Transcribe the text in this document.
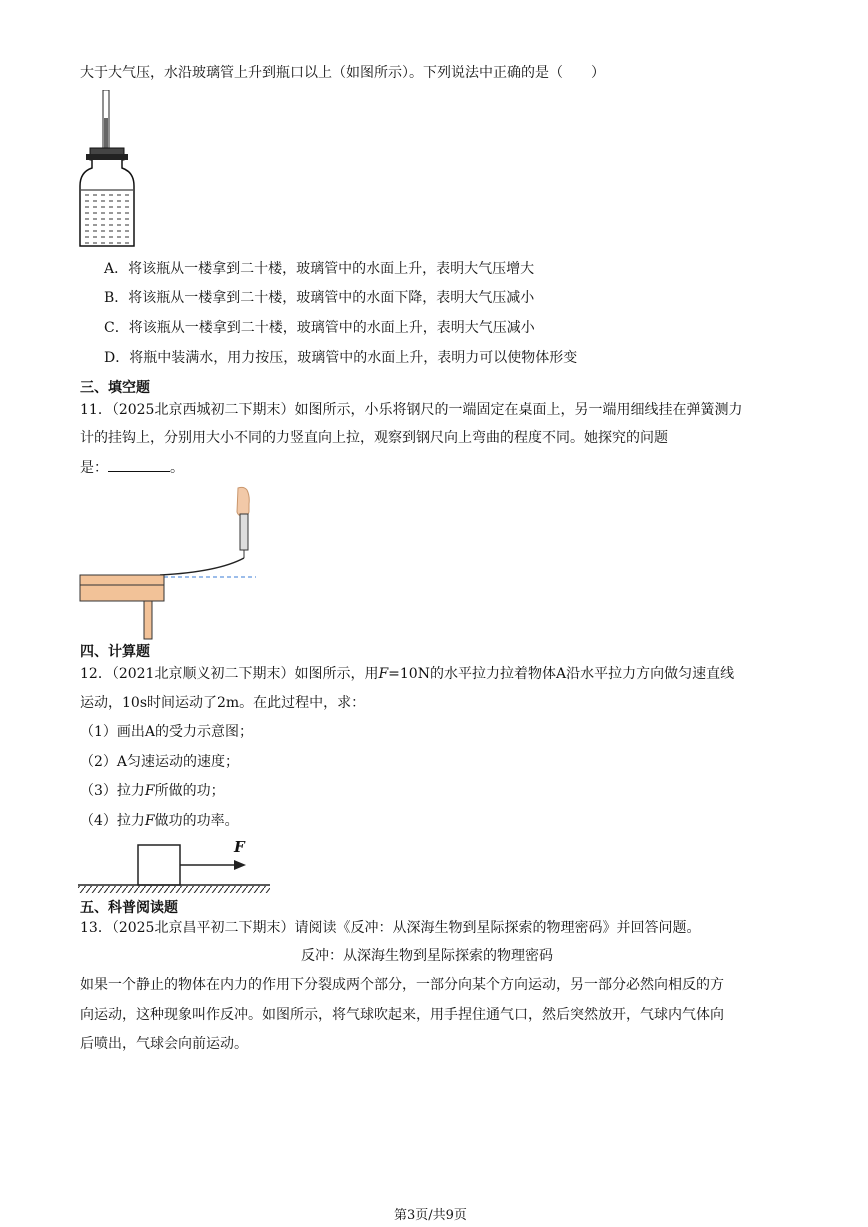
大于大气压，水沿玻璃管上升到瓶口以上（如图所示）。下列说法中正确的是（　　）
A．将该瓶从一楼拿到二十楼，玻璃管中的水面上升，表明大气压增大
B．将该瓶从一楼拿到二十楼，玻璃管中的水面下降，表明大气压减小
C．将该瓶从一楼拿到二十楼，玻璃管中的水面上升，表明大气压减小
D．将瓶中装满水，用力按压，玻璃管中的水面上升，表明力可以使物体形变
三、填空题
11．（2025北京西城初二下期末）如图所示，小乐将钢尺的一端固定在桌面上，另一端用细线挂在弹簧测力
计的挂钩上，分别用大小不同的力竖直向上拉，观察到钢尺向上弯曲的程度不同。她探究的问题
是：	。
四、计算题
12．（2021北京顺义初二下期末）如图所示，用F=10N的水平拉力拉着物体A沿水平拉力方向做匀速直线
运动，10s时间运动了2m。在此过程中，求：
（1）画出A的受力示意图；
（2）A匀速运动的速度；
（3）拉力F所做的功；
（4）拉力F做功的功率。
F
五、科普阅读题
13．（2025北京昌平初二下期末）请阅读《反冲：从深海生物到星际探索的物理密码》并回答问题。
反冲：从深海生物到星际探索的物理密码
如果一个静止的物体在内力的作用下分裂成两个部分，一部分向某个方向运动，另一部分必然向相反的方
向运动，这种现象叫作反冲。如图所示，将气球吹起来，用手捏住通气口，然后突然放开，气球内气体向
后喷出，气球会向前运动。
第3页/共9页
